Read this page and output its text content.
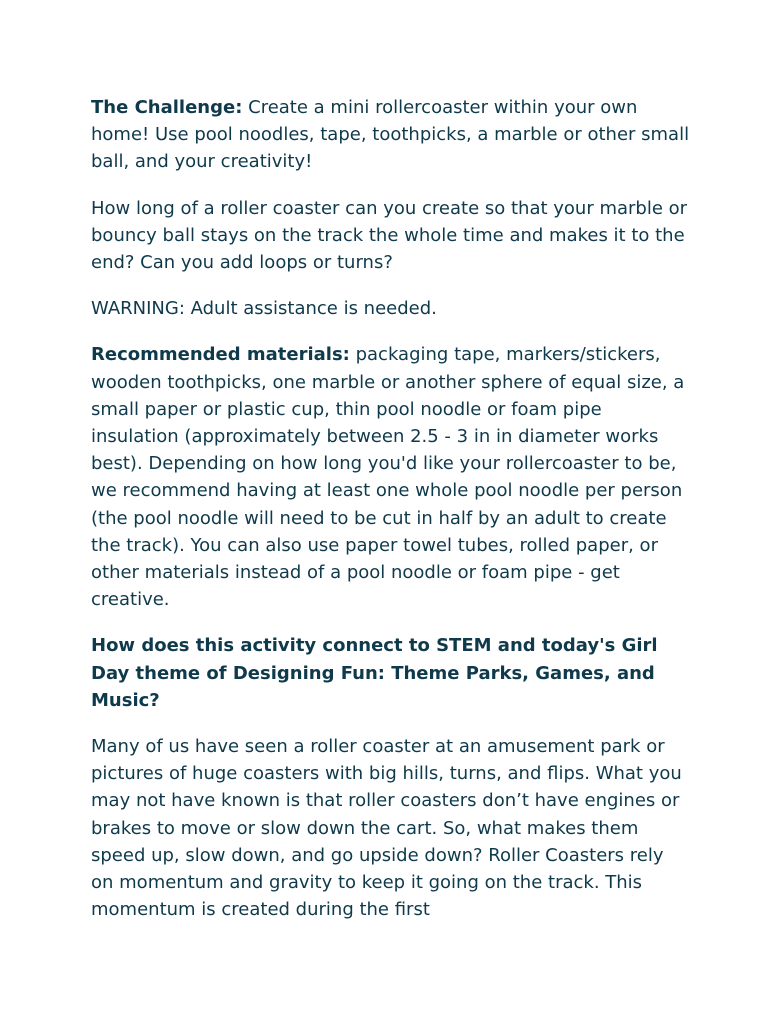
The Challenge: Create a mini rollercoaster within your own home! Use pool noodles, tape, toothpicks, a marble or other small ball, and your creativity!

How long of a roller coaster can you create so that your marble or bouncy ball stays on the track the whole time and makes it to the end? Can you add loops or turns?

WARNING: Adult assistance is needed.

Recommended materials: packaging tape, markers/stickers, wooden toothpicks, one marble or another sphere of equal size, a small paper or plastic cup, thin pool noodle or foam pipe insulation (approximately between 2.5 - 3 in in diameter works best). Depending on how long you'd like your rollercoaster to be, we recommend having at least one whole pool noodle per person (the pool noodle will need to be cut in half by an adult to create the track). You can also use paper towel tubes, rolled paper, or other materials instead of a pool noodle or foam pipe - get creative.

How does this activity connect to STEM and today's Girl Day theme of Designing Fun: Theme Parks, Games, and Music?

Many of us have seen a roller coaster at an amusement park or pictures of huge coasters with big hills, turns, and flips. What you may not have known is that roller coasters don’t have engines or brakes to move or slow down the cart. So, what makes them speed up, slow down, and go upside down? Roller Coasters rely on momentum and gravity to keep it going on the track. This momentum is created during the first
